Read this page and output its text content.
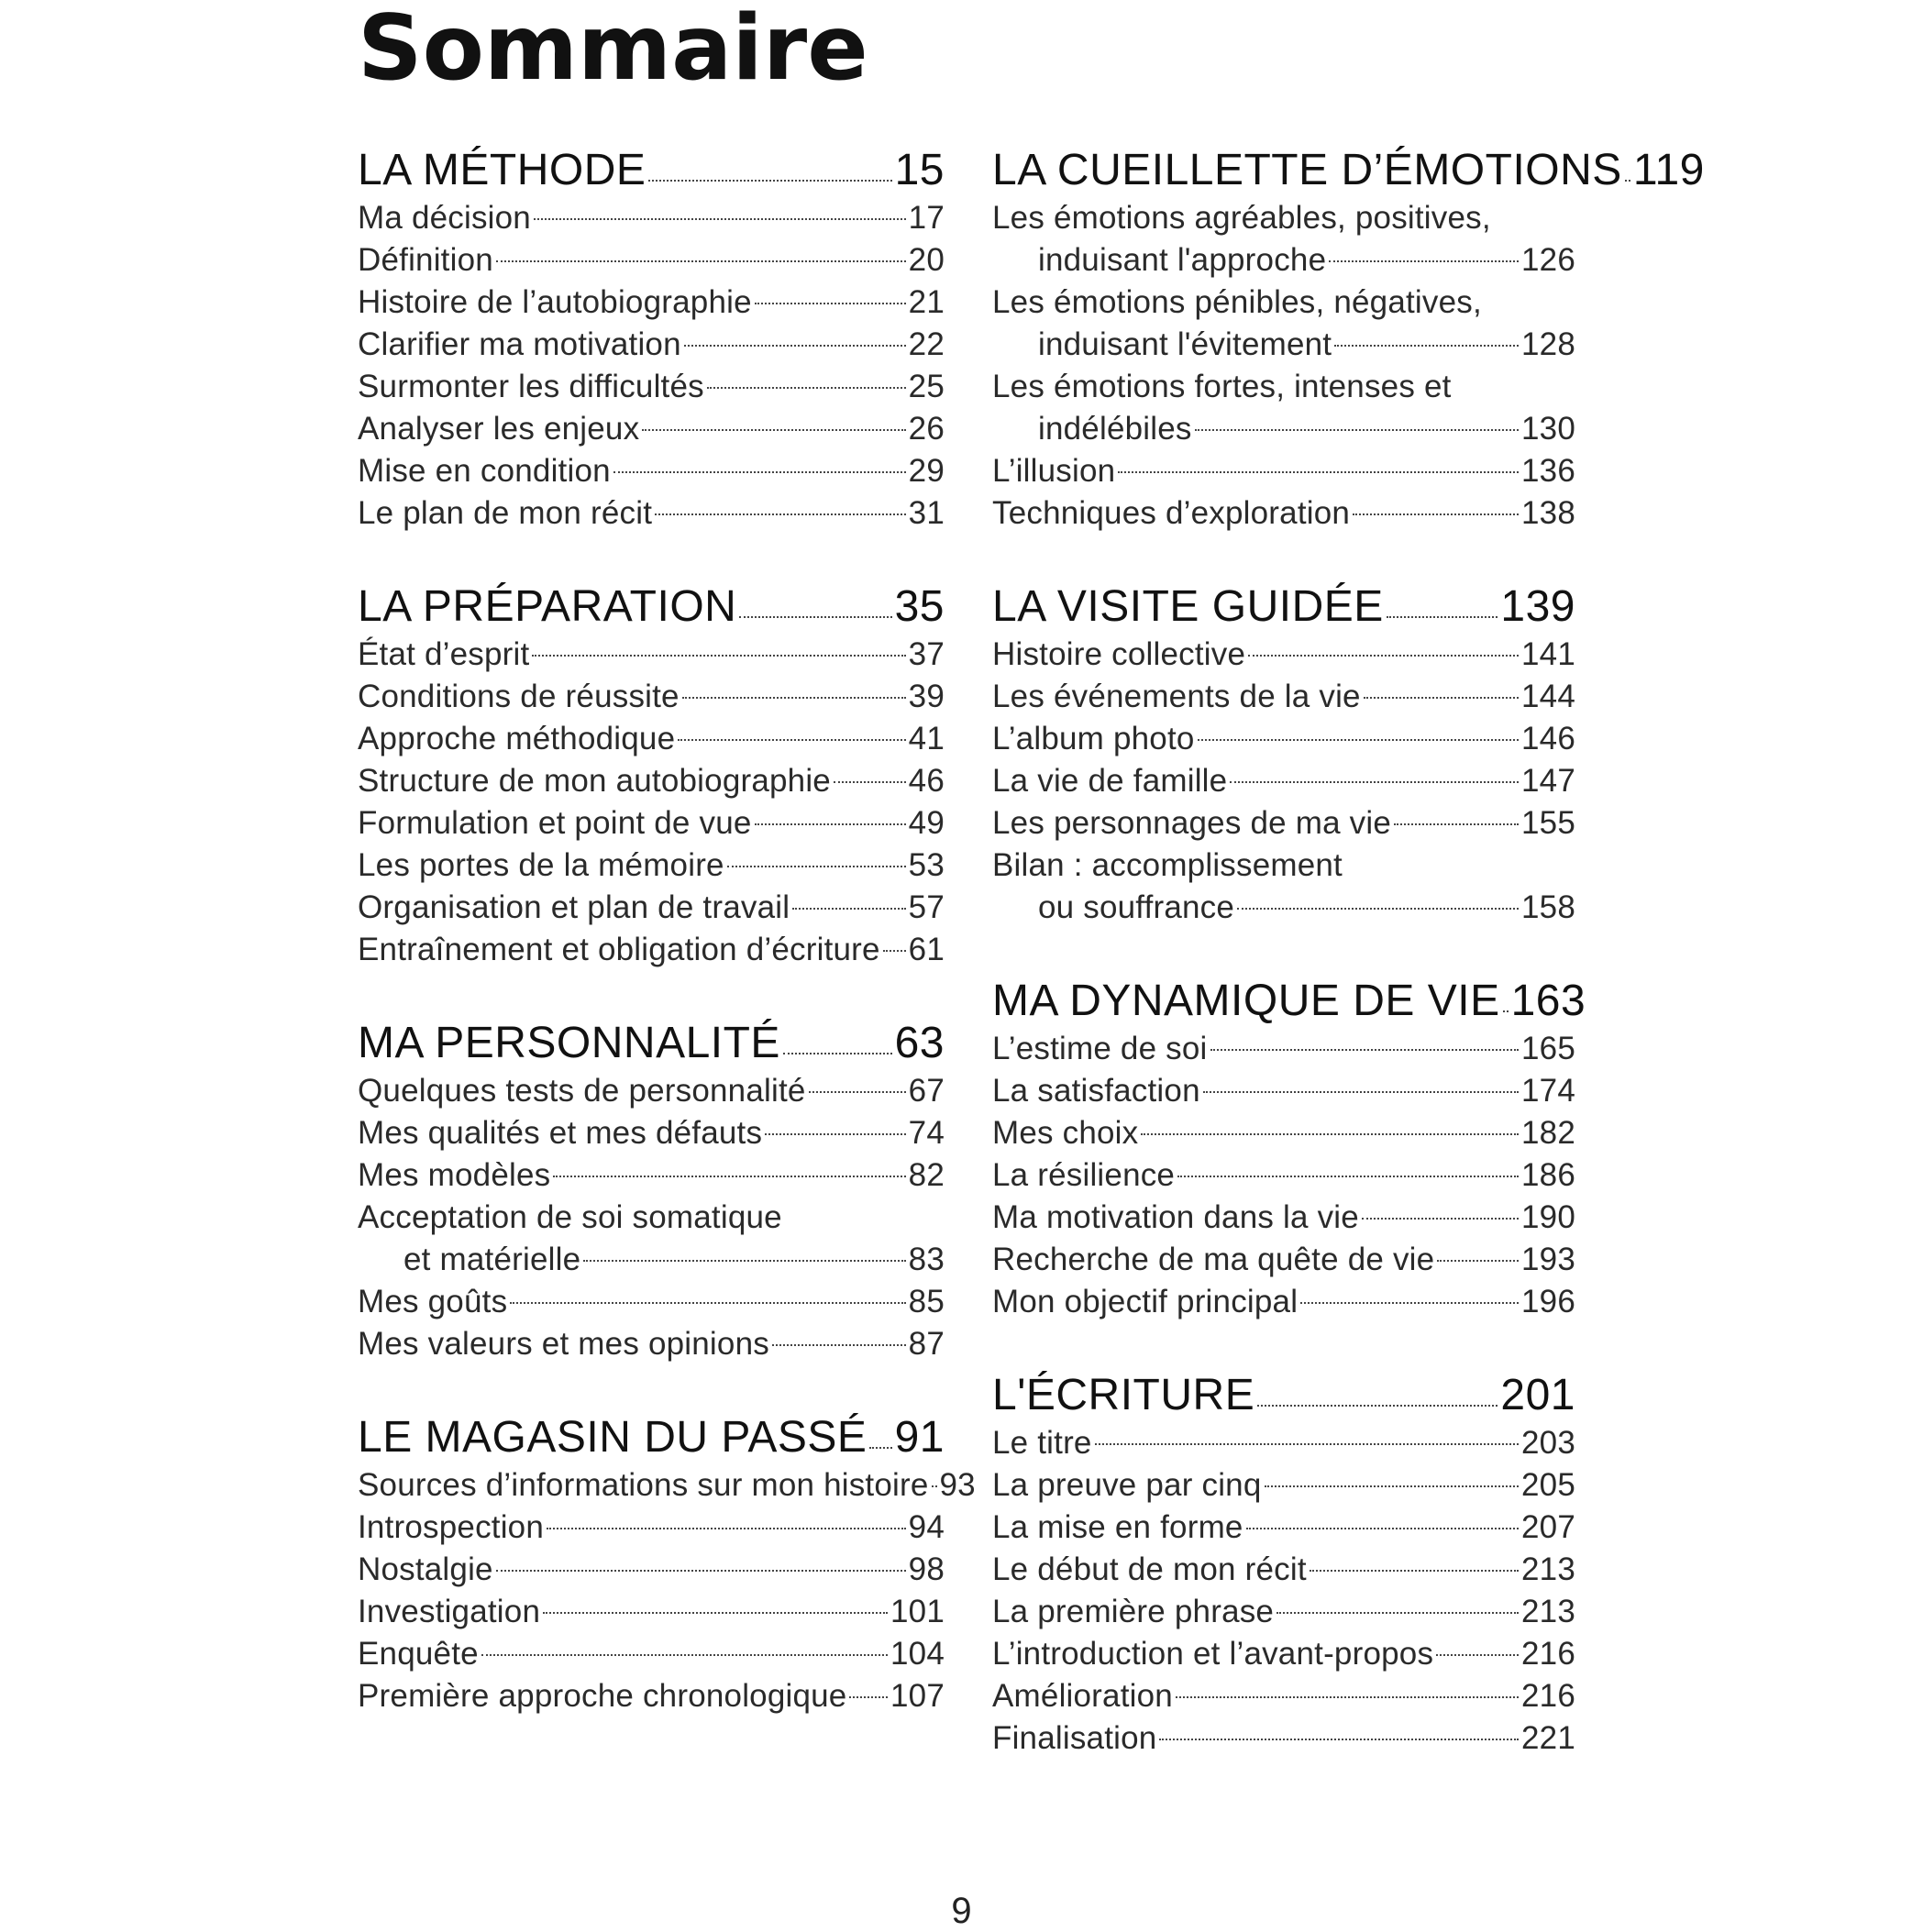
Sommaire
LA MÉTHODE	15
Ma décision	17
Définition	20
Histoire de l’autobiographie	21
Clarifier ma motivation	22
Surmonter les difficultés	25
Analyser les enjeux	26
Mise en condition	29
Le plan de mon récit	31
LA PRÉPARATION	35
État d’esprit	37
Conditions de réussite	39
Approche méthodique	41
Structure de mon autobiographie 46
Formulation et point de vue	49
Les portes de la mémoire	53
Organisation et plan de travail	57
Entraînement et obligation d’écriture 61
MA PERSONNALITÉ	63
Quelques tests de personnalité	67
Mes qualités et mes défauts	74
Mes modèles	82
Acceptation de soi somatique
et matérielle	83
Mes goûts	85
Mes valeurs et mes opinions	87
LE MAGASIN DU PASSÉ 91
Sources d’informations sur mon histoire 93
Introspection	94
Nostalgie	98
Investigation	101
Enquête	104
Première approche chronologique 107
LA CUEILLETTE D’ÉMOTIONS 119
Les émotions agréables, positives,
induisant l'approche	126
Les émotions pénibles, négatives,
induisant l'évitement	128
Les émotions fortes, intenses et
indélébiles	130
L’illusion	136
Techniques d’exploration	138
LA VISITE GUIDÉE	139
Histoire collective	141
Les événements de la vie	144
L’album photo	146
La vie de famille	147
Les personnages de ma vie	155
Bilan : accomplissement
ou souffrance	158
MA DYNAMIQUE DE VIE 163
L’estime de soi	165
La satisfaction	174
Mes choix	182
La résilience	186
Ma motivation dans la vie	190
Recherche de ma quête de vie	193
Mon objectif principal	196
L'ÉCRITURE	201
Le titre	203
La preuve par cinq	205
La mise en forme	207
Le début de mon récit	213
La première phrase	213
L’introduction et l’avant-propos	216
Amélioration	216
Finalisation	221
9
